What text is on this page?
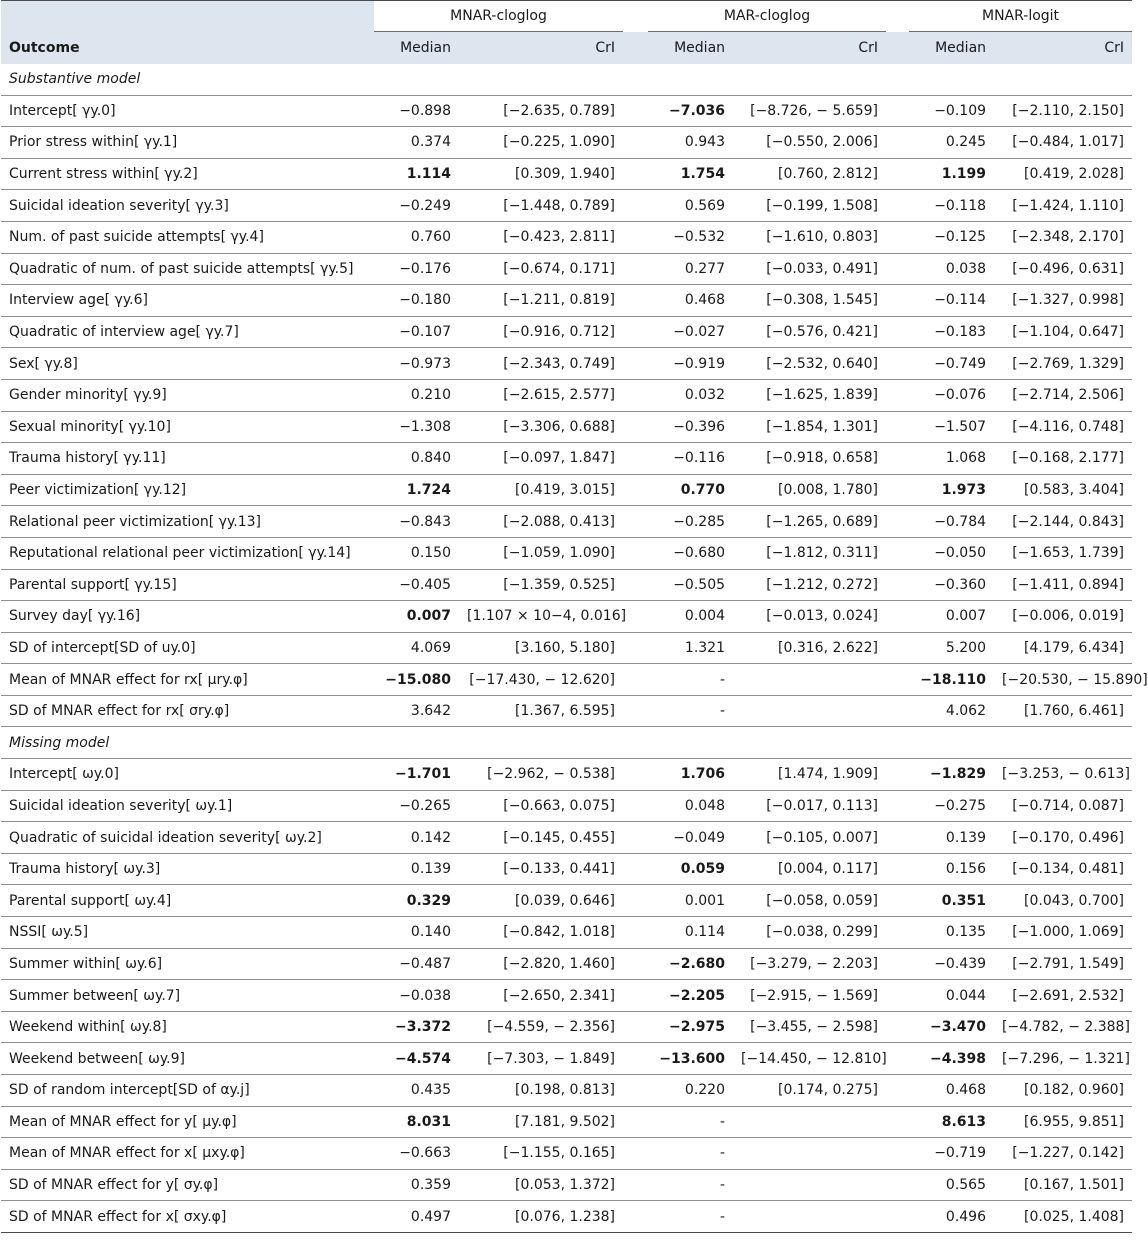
	MNAR-cloglog			MAR-cloglog			MNAR-logit	

Outcome	Median	CrI		Median	CrI		Median	CrI
Substantive model								
Intercept[ γy.0]	−0.898	[−2.635, 0.789]		−7.036	[−8.726, − 5.659]		−0.109	[−2.110, 2.150]
Prior stress within[ γy.1]	0.374	[−0.225, 1.090]		0.943	[−0.550, 2.006]		0.245	[−0.484, 1.017]
Current stress within[ γy.2]	1.114	[0.309, 1.940]		1.754	[0.760, 2.812]		1.199	[0.419, 2.028]
Suicidal ideation severity[ γy.3]	−0.249	[−1.448, 0.789]		0.569	[−0.199, 1.508]		−0.118	[−1.424, 1.110]
Num. of past suicide attempts[ γy.4]	0.760	[−0.423, 2.811]		−0.532	[−1.610, 0.803]		−0.125	[−2.348, 2.170]
Quadratic of num. of past suicide attempts[ γy.5]	−0.176	[−0.674, 0.171]		0.277	[−0.033, 0.491]		0.038	[−0.496, 0.631]
Interview age[ γy.6]	−0.180	[−1.211, 0.819]		0.468	[−0.308, 1.545]		−0.114	[−1.327, 0.998]
Quadratic of interview age[ γy.7]	−0.107	[−0.916, 0.712]		−0.027	[−0.576, 0.421]		−0.183	[−1.104, 0.647]
Sex[ γy.8]	−0.973	[−2.343, 0.749]		−0.919	[−2.532, 0.640]		−0.749	[−2.769, 1.329]
Gender minority[ γy.9]	0.210	[−2.615, 2.577]		0.032	[−1.625, 1.839]		−0.076	[−2.714, 2.506]
Sexual minority[ γy.10]	−1.308	[−3.306, 0.688]		−0.396	[−1.854, 1.301]		−1.507	[−4.116, 0.748]
Trauma history[ γy.11]	0.840	[−0.097, 1.847]		−0.116	[−0.918, 0.658]		1.068	[−0.168, 2.177]
Peer victimization[ γy.12]	1.724	[0.419, 3.015]		0.770	[0.008, 1.780]		1.973	[0.583, 3.404]
Relational peer victimization[ γy.13]	−0.843	[−2.088, 0.413]		−0.285	[−1.265, 0.689]		−0.784	[−2.144, 0.843]
Reputational relational peer victimization[ γy.14]	0.150	[−1.059, 1.090]		−0.680	[−1.812, 0.311]		−0.050	[−1.653, 1.739]
Parental support[ γy.15]	−0.405	[−1.359, 0.525]		−0.505	[−1.212, 0.272]		−0.360	[−1.411, 0.894]
Survey day[ γy.16]	0.007	[1.107 × 10−4, 0.016]		0.004	[−0.013, 0.024]		0.007	[−0.006, 0.019]
SD of intercept[SD of uy.0]	4.069	[3.160, 5.180]		1.321	[0.316, 2.622]		5.200	[4.179, 6.434]
Mean of MNAR effect for rx[ μry.φ]	−15.080	[−17.430, − 12.620]		-			−18.110	[−20.530, − 15.890]
SD of MNAR effect for rx[ σry.φ]	3.642	[1.367, 6.595]		-			4.062	[1.760, 6.461]
Missing model								
Intercept[ ωy.0]	−1.701	[−2.962, − 0.538]		1.706	[1.474, 1.909]		−1.829	[−3.253, − 0.613]
Suicidal ideation severity[ ωy.1]	−0.265	[−0.663, 0.075]		0.048	[−0.017, 0.113]		−0.275	[−0.714, 0.087]
Quadratic of suicidal ideation severity[ ωy.2]	0.142	[−0.145, 0.455]		−0.049	[−0.105, 0.007]		0.139	[−0.170, 0.496]
Trauma history[ ωy.3]	0.139	[−0.133, 0.441]		0.059	[0.004, 0.117]		0.156	[−0.134, 0.481]
Parental support[ ωy.4]	0.329	[0.039, 0.646]		0.001	[−0.058, 0.059]		0.351	[0.043, 0.700]
NSSI[ ωy.5]	0.140	[−0.842, 1.018]		0.114	[−0.038, 0.299]		0.135	[−1.000, 1.069]
Summer within[ ωy.6]	−0.487	[−2.820, 1.460]		−2.680	[−3.279, − 2.203]		−0.439	[−2.791, 1.549]
Summer between[ ωy.7]	−0.038	[−2.650, 2.341]		−2.205	[−2.915, − 1.569]		0.044	[−2.691, 2.532]
Weekend within[ ωy.8]	−3.372	[−4.559, − 2.356]		−2.975	[−3.455, − 2.598]		−3.470	[−4.782, − 2.388]
Weekend between[ ωy.9]	−4.574	[−7.303, − 1.849]		−13.600	[−14.450, − 12.810]		−4.398	[−7.296, − 1.321]
SD of random intercept[SD of αy.j]	0.435	[0.198, 0.813]		0.220	[0.174, 0.275]		0.468	[0.182, 0.960]
Mean of MNAR effect for y[ μy.φ]	8.031	[7.181, 9.502]		-			8.613	[6.955, 9.851]
Mean of MNAR effect for x[ μxy.φ]	−0.663	[−1.155, 0.165]		-			−0.719	[−1.227, 0.142]
SD of MNAR effect for y[ σy.φ]	0.359	[0.053, 1.372]		-			0.565	[0.167, 1.501]
SD of MNAR effect for x[ σxy.φ]	0.497	[0.076, 1.238]		-			0.496	[0.025, 1.408]
